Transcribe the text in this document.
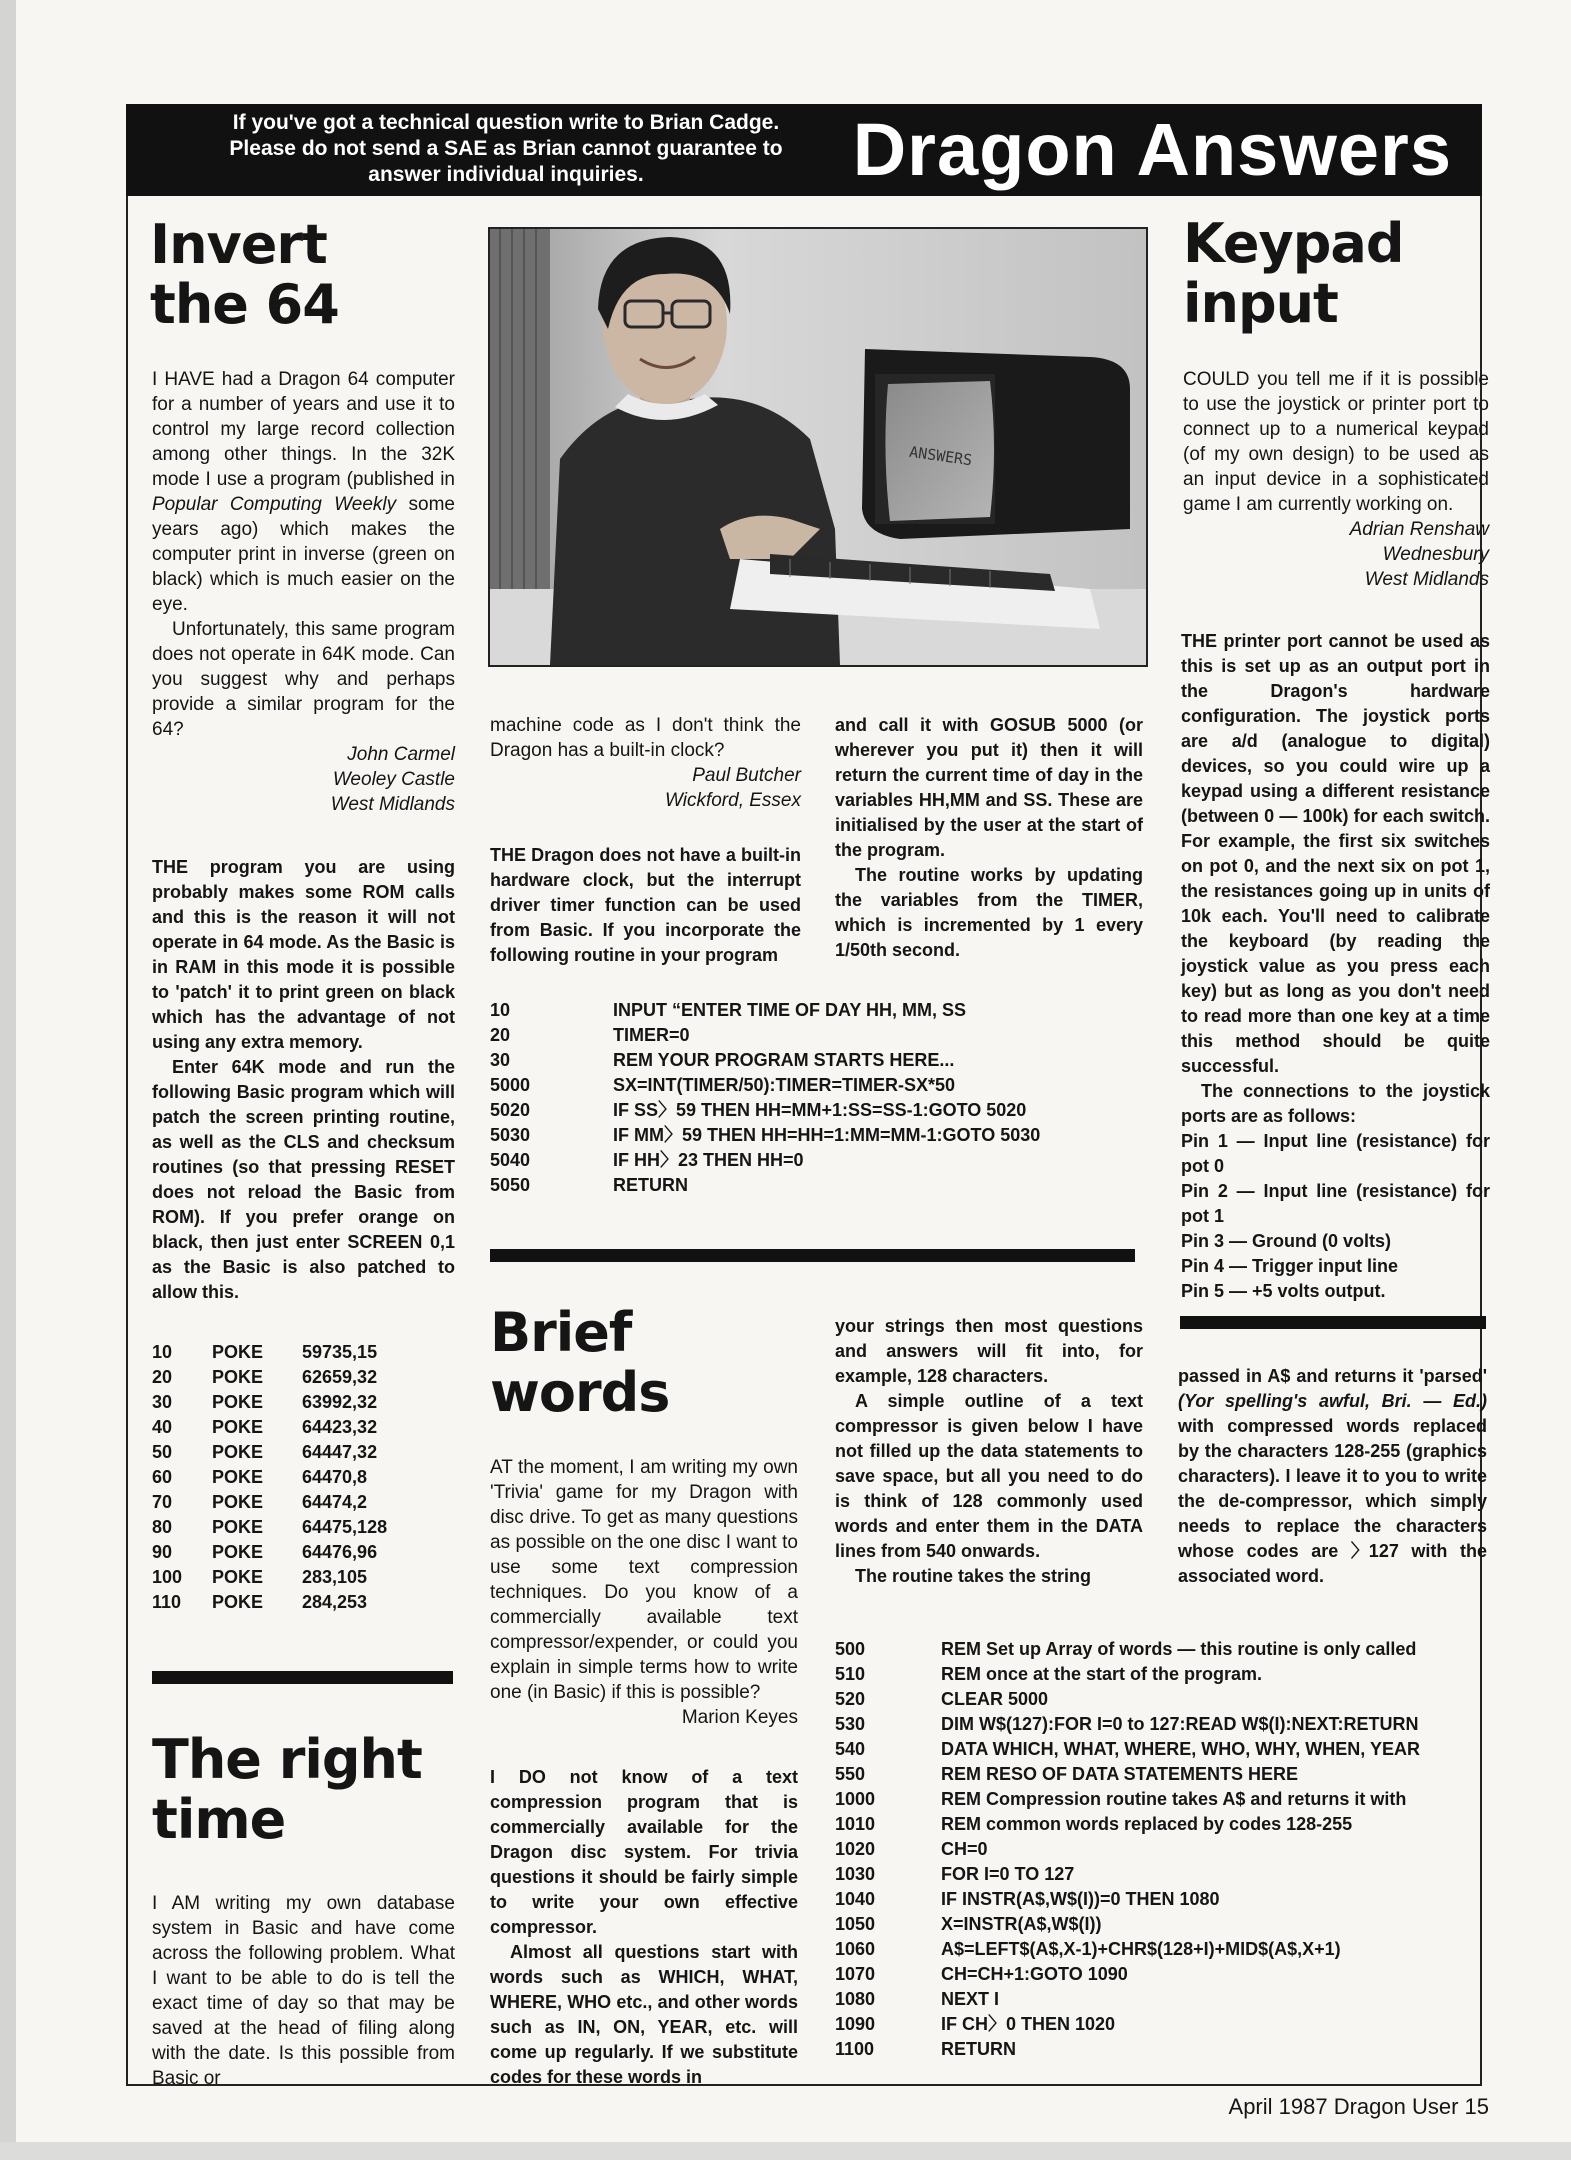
If you've got a technical question write to Brian Cadge.
Please do not send a SAE as Brian cannot guarantee to
answer individual inquiries.	Dragon Answers
Invert
the 64

I HAVE had a Dragon 64 computer for a number of years and use it to control my large record collection among other things. In the 32K mode I use a program (published in Popular Computing Weekly some years ago) which makes the computer print in inverse (green on black) which is much easier on the eye.

Unfortunately, this same program does not operate in 64K mode. Can you suggest why and perhaps provide a similar program for the 64?

John Carmel
Weoley Castle
West Midlands

THE program you are using probably makes some ROM calls and this is the reason it will not operate in 64 mode. As the Basic is in RAM in this mode it is possible to 'patch' it to print green on black which has the advantage of not using any extra memory.

Enter 64K mode and run the following Basic program which will patch the screen printing routine, as well as the CLS and checksum routines (so that pressing RESET does not reload the Basic from ROM). If you prefer orange on black, then just enter SCREEN 0,1 as the Basic is also patched to allow this.

10	POKE	59735,15
20	POKE	62659,32
30	POKE	63992,32
40	POKE	64423,32
50	POKE	64447,32
60	POKE	64470,8
70	POKE	64474,2
80	POKE	64475,128
90	POKE	64476,96
100	POKE	283,105
110	POKE	284,253
The right
time

I AM writing my own database system in Basic and have come across the following problem. What I want to be able to do is tell the exact time of day so that may be saved at the head of filing along with the date. Is this possible from Basic or

ANSWERS

machine code as I don't think the Dragon has a built-in clock?

Paul Butcher
Wickford, Essex

THE Dragon does not have a built-in hardware clock, but the interrupt driver timer function can be used from Basic. If you incorporate the following routine in your program

and call it with GOSUB 5000 (or wherever you put it) then it will return the current time of day in the variables HH,MM and SS. These are initialised by the user at the start of the program.

The routine works by updating the variables from the TIMER, which is incremented by 1 every 1/50th second.

10	INPUT “ENTER TIME OF DAY HH, MM, SS
20	TIMER=0
30	REM YOUR PROGRAM STARTS HERE...
5000	SX=INT(TIMER/50):TIMER=TIMER-SX*50
5020	IF SS〉59 THEN HH=MM+1:SS=SS-1:GOTO 5020
5030	IF MM〉59 THEN HH=HH=1:MM=MM-1:GOTO 5030
5040	IF HH〉23 THEN HH=0
5050	RETURN
Brief
words

AT the moment, I am writing my own 'Trivia' game for my Dragon with disc drive. To get as many questions as possible on the one disc I want to use some text compression techniques. Do you know of a commercially available text compressor/expender, or could you explain in simple terms how to write one (in Basic) if this is possible?

Marion Keyes

I DO not know of a text compression program that is commercially available for the Dragon disc system. For trivia questions it should be fairly simple to write your own effective compressor.

Almost all questions start with words such as WHICH, WHAT, WHERE, WHO etc., and other words such as IN, ON, YEAR, etc. will come up regularly. If we substitute codes for these words in

your strings then most questions and answers will fit into, for example, 128 characters.

A simple outline of a text compressor is given below I have not filled up the data statements to save space, but all you need to do is think of 128 commonly used words and enter them in the DATA lines from 540 onwards.

The routine takes the string

Keypad
input

COULD you tell me if it is possible to use the joystick or printer port to connect up to a numerical keypad (of my own design) to be used as an input device in a sophisticated game I am currently working on.

Adrian Renshaw
Wednesbury
West Midlands

THE printer port cannot be used as this is set up as an output port in the Dragon's hardware configuration. The joystick ports are a/d (analogue to digital) devices, so you could wire up a keypad using a different resistance (between 0 — 100k) for each switch. For example, the first six switches on pot 0, and the next six on pot 1, the resistances going up in units of 10k each. You'll need to calibrate the keyboard (by reading the joystick value as you press each key) but as long as you don't need to read more than one key at a time this method should be quite successful.

The connections to the joystick ports are as follows:

Pin 1 — Input line (resistance) for pot 0

Pin 2 — Input line (resistance) for pot 1

Pin 3 — Ground (0 volts)

Pin 4 — Trigger input line

Pin 5 — +5 volts output.

passed in A$ and returns it 'parsed' (Yor spelling's awful, Bri. — Ed.) with compressed words replaced by the characters 128-255 (graphics characters). I leave it to you to write the de-compressor, which simply needs to replace the characters whose codes are 〉127 with the associated word.

500	REM Set up Array of words — this routine is only called
510	REM once at the start of the program.
520	CLEAR 5000
530	DIM W$(127):FOR I=0 to 127:READ W$(I):NEXT:RETURN
540	DATA WHICH, WHAT, WHERE, WHO, WHY, WHEN, YEAR
550	REM RESO OF DATA STATEMENTS HERE
1000	REM Compression routine takes A$ and returns it with
1010	REM common words replaced by codes 128-255
1020	CH=0
1030	FOR I=0 TO 127
1040	IF INSTR(A$,W$(I))=0 THEN 1080
1050	X=INSTR(A$,W$(I))
1060	A$=LEFT$(A$,X-1)+CHR$(128+I)+MID$(A$,X+1)
1070	CH=CH+1:GOTO 1090
1080	NEXT I
1090	IF CH〉0 THEN 1020
1100	RETURN
April 1987 Dragon User 15
